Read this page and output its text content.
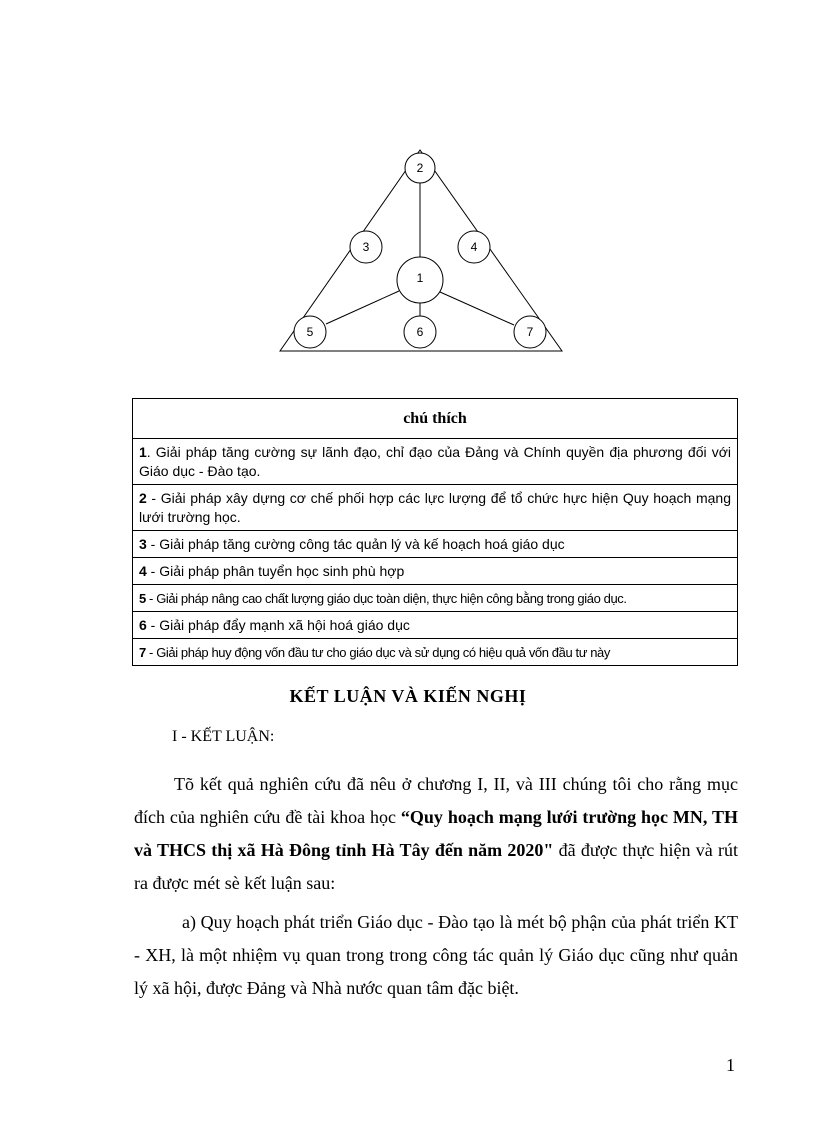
2
3	4
1
5	6	7
chú thích
1. Giải pháp tăng cường sự lãnh đạo, chỉ đạo của Đảng và Chính quyền địa phương đối với Giáo dục - Đào tạo.
2 - Giải pháp xây dựng cơ chế phối hợp các lực lượng để tổ chức hực hiện Quy hoạch mạng lưới trường học.
3 - Giải pháp tăng cường công tác quản lý và kế hoạch hoá giáo dục
4 - Giải pháp phân tuyển học sinh phù hợp
5 - Giải pháp nâng cao chất lượng giáo dục toàn diện, thực hiện công bằng trong giáo dục.
6 - Giải pháp đẩy mạnh xã hội hoá giáo dục
7 - Giải pháp huy động vốn đầu tư cho giáo dục và sử dụng có hiệu quả vốn đầu tư này
KẾT LUẬN VÀ KIẾN NGHỊ
I - KẾT LUẬN:
Tõ kết quả nghiên cứu đã nêu ở chương I, II, và III chúng tôi cho rằng mục đích của nghiên cứu đề tài khoa học “Quy hoạch mạng lưới trường học MN, TH và THCS thị xã Hà Đông tỉnh Hà Tây đến năm 2020" đã được thực hiện và rút ra được mét sè kết luận sau:
a) Quy hoạch phát triển Giáo dục - Đào tạo là mét bộ phận của phát triển KT - XH, là một nhiệm vụ quan trong trong công tác quản lý Giáo dục cũng như quản lý xã hội, được Đảng và Nhà nước quan tâm đặc biệt.
1
